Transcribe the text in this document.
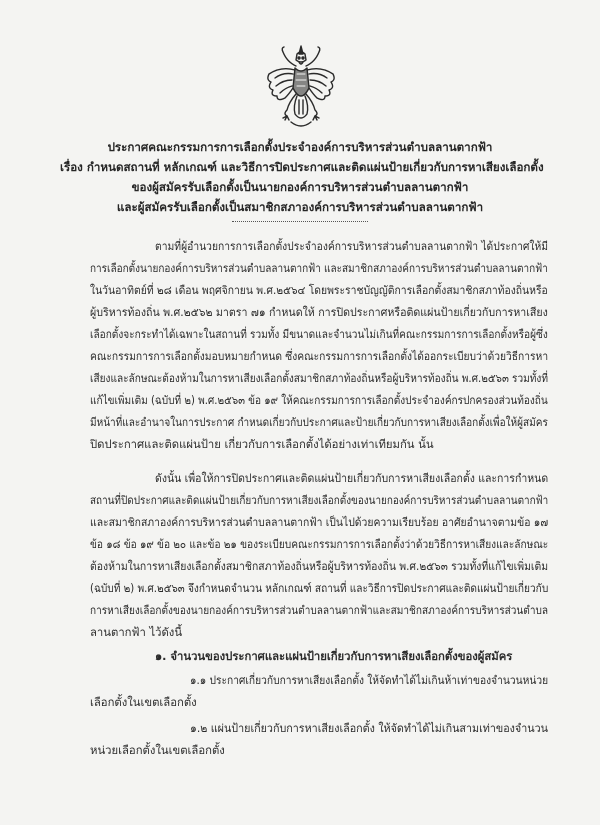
ประกาศคณะกรรมการการเลือกตั้งประจำองค์การบริหารส่วนตำบลลานตากฟ้า
เรื่อง กำหนดสถานที่ หลักเกณฑ์ และวิธีการปิดประกาศและติดแผ่นป้ายเกี่ยวกับการหาเสียงเลือกตั้ง
ของผู้สมัครรับเลือกตั้งเป็นนายกองค์การบริหารส่วนตำบลลานตากฟ้า
และผู้สมัครรับเลือกตั้งเป็นสมาชิกสภาองค์การบริหารส่วนตำบลลานตากฟ้า
ตามที่ผู้อำนวยการการเลือกตั้งประจำองค์การบริหารส่วนตำบลลานตากฟ้า ได้ประกาศให้มี
การเลือกตั้งนายกองค์การบริหารส่วนตำบลลานตากฟ้า และสมาชิกสภาองค์การบริหารส่วนตำบลลานตากฟ้า
ในวันอาทิตย์ที่ ๒๘ เดือน พฤศจิกายน พ.ศ.๒๕๖๔ โดยพระราชบัญญัติการเลือกตั้งสมาชิกสภาท้องถิ่นหรือ
ผู้บริหารท้องถิ่น พ.ศ.๒๕๖๒ มาตรา ๗๑ กำหนดให้ การปิดประกาศหรือติดแผ่นป้ายเกี่ยวกับการหาเสียง
เลือกตั้งจะกระทำได้เฉพาะในสถานที่ รวมทั้ง มีขนาดและจำนวนไม่เกินที่คณะกรรมการการเลือกตั้งหรือผู้ซึ่ง
คณะกรรมการการเลือกตั้งมอบหมายกำหนด ซึ่งคณะกรรมการการเลือกตั้งได้ออกระเบียบว่าด้วยวิธีการหา
เสียงและลักษณะต้องห้ามในการหาเสียงเลือกตั้งสมาชิกสภาท้องถิ่นหรือผู้บริหารท้องถิ่น พ.ศ.๒๕๖๓ รวมทั้งที่
แก้ไขเพิ่มเติม (ฉบับที่ ๒) พ.ศ.๒๕๖๓ ข้อ ๑๙ ให้คณะกรรมการการเลือกตั้งประจำองค์กรปกครองส่วนท้องถิ่น
มีหน้าที่และอำนาจในการประกาศ กำหนดเกี่ยวกับประกาศและป้ายเกี่ยวกับการหาเสียงเลือกตั้งเพื่อให้ผู้สมัคร
ปิดประกาศและติดแผ่นป้าย เกี่ยวกับการเลือกตั้งได้อย่างเท่าเทียมกัน นั้น
ดังนั้น เพื่อให้การปิดประกาศและติดแผ่นป้ายเกี่ยวกับการหาเสียงเลือกตั้ง และการกำหนด
สถานที่ปิดประกาศและติดแผ่นป้ายเกี่ยวกับการหาเสียงเลือกตั้งของนายกองค์การบริหารส่วนตำบลลานตากฟ้า
และสมาชิกสภาองค์การบริหารส่วนตำบลลานตากฟ้า เป็นไปด้วยความเรียบร้อย อาศัยอำนาจตามข้อ ๑๗
ข้อ ๑๘ ข้อ ๑๙ ข้อ ๒๐ และข้อ ๒๑ ของระเบียบคณะกรรมการการเลือกตั้งว่าด้วยวิธีการหาเสียงและลักษณะ
ต้องห้ามในการหาเสียงเลือกตั้งสมาชิกสภาท้องถิ่นหรือผู้บริหารท้องถิ่น พ.ศ.๒๕๖๓ รวมทั้งที่แก้ไขเพิ่มเติม
(ฉบับที่ ๒) พ.ศ.๒๕๖๓ จึงกำหนดจำนวน หลักเกณฑ์ สถานที่ และวิธีการปิดประกาศและติดแผ่นป้ายเกี่ยวกับ
การหาเสียงเลือกตั้งของนายกองค์การบริหารส่วนตำบลลานตากฟ้าและสมาชิกสภาองค์การบริหารส่วนตำบล
ลานตากฟ้า ไว้ดังนี้
๑. จำนวนของประกาศและแผ่นป้ายเกี่ยวกับการหาเสียงเลือกตั้งของผู้สมัคร
๑.๑ ประกาศเกี่ยวกับการหาเสียงเลือกตั้ง ให้จัดทำได้ไม่เกินห้าเท่าของจำนวนหน่วย
เลือกตั้งในเขตเลือกตั้ง
๑.๒ แผ่นป้ายเกี่ยวกับการหาเสียงเลือกตั้ง ให้จัดทำได้ไม่เกินสามเท่าของจำนวน
หน่วยเลือกตั้งในเขตเลือกตั้ง
